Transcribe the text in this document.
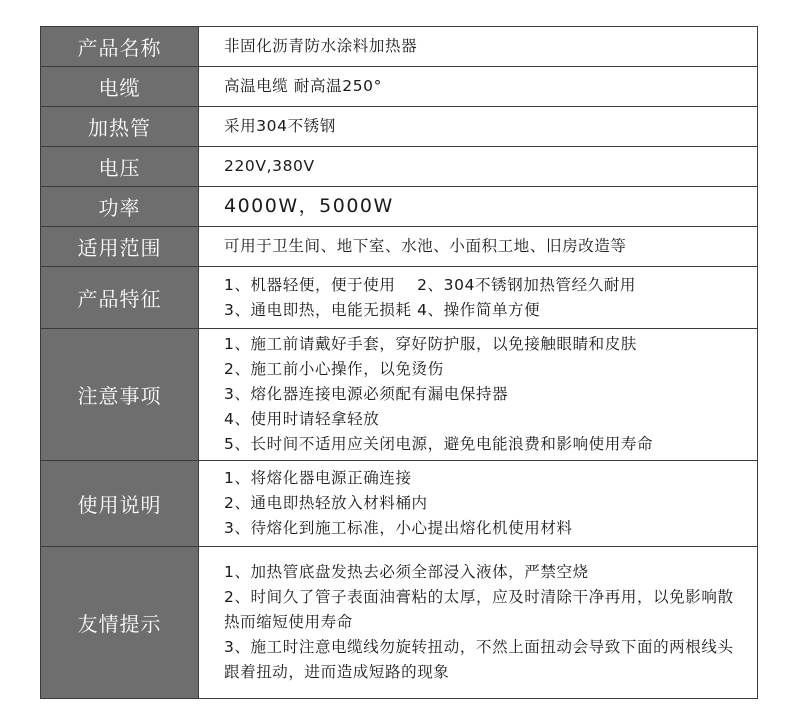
产品名称	非固化沥青防水涂料加热器

电缆	高温电缆 耐高温250°

加热管	采用304不锈钢

电压	220V,380V

功率	4000W，5000W

适用范围	可用于卫生间、地下室、水池、小面积工地、旧房改造等

产品特征	1、机器轻便，便于使用　 2、304不锈钢加热管经久耐用
3、通电即热，电能无损耗 4、操作简单方便

注意事项	1、施工前请戴好手套，穿好防护服，以免接触眼睛和皮肤
2、施工前小心操作，以免烫伤
3、熔化器连接电源必须配有漏电保持器
4、使用时请轻拿轻放
5、长时间不适用应关闭电源，避免电能浪费和影响使用寿命

使用说明	1、将熔化器电源正确连接
2、通电即热轻放入材料桶内
3、待熔化到施工标准，小心提出熔化机使用材料

友情提示	1、加热管底盘发热去必须全部浸入液体，严禁空烧
2、时间久了管子表面油膏粘的太厚，应及时清除干净再用，以免影响散热而缩短使用寿命
3、施工时注意电缆线勿旋转扭动，不然上面扭动会导致下面的两根线头跟着扭动，进而造成短路的现象
